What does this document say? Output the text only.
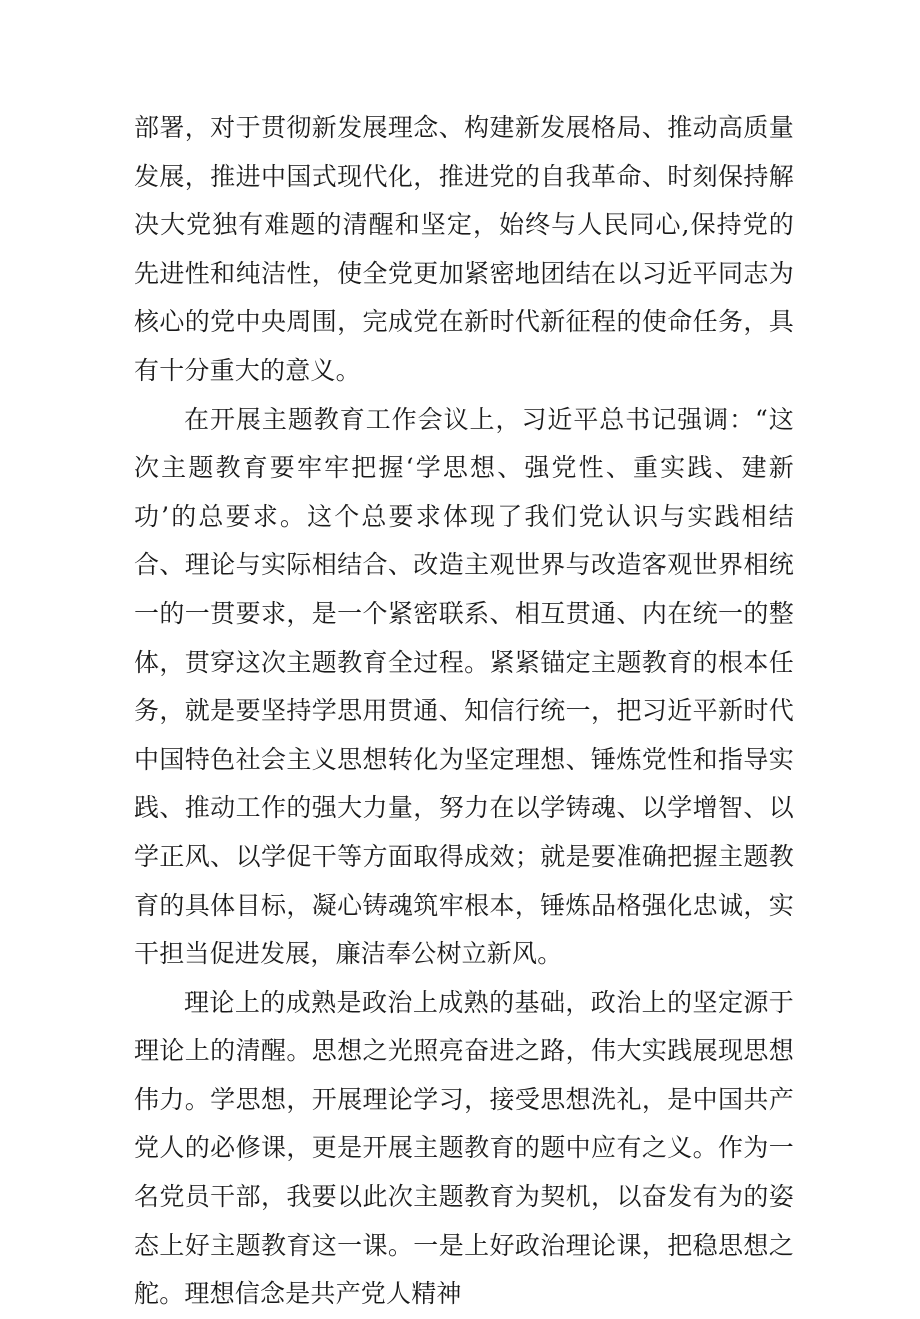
部署，对于贯彻新发展理念、构建新发展格局、推动高质量发展，推进中国式现代化，推进党的自我革命、时刻保持解决大党独有难题的清醒和坚定，始终与人民同心,保持党的先进性和纯洁性，使全党更加紧密地团结在以习近平同志为核心的党中央周围，完成党在新时代新征程的使命任务，具有十分重大的意义。

在开展主题教育工作会议上，习近平总书记强调：“这次主题教育要牢牢把握‘学思想、强党性、重实践、建新功’的总要求。这个总要求体现了我们党认识与实践相结合、理论与实际相结合、改造主观世界与改造客观世界相统一的一贯要求，是一个紧密联系、相互贯通、内在统一的整体，贯穿这次主题教育全过程。紧紧锚定主题教育的根本任务，就是要坚持学思用贯通、知信行统一，把习近平新时代中国特色社会主义思想转化为坚定理想、锤炼党性和指导实践、推动工作的强大力量，努力在以学铸魂、以学增智、以学正风、以学促干等方面取得成效；就是要准确把握主题教育的具体目标，凝心铸魂筑牢根本，锤炼品格强化忠诚，实干担当促进发展，廉洁奉公树立新风。

理论上的成熟是政治上成熟的基础，政治上的坚定源于理论上的清醒。思想之光照亮奋进之路，伟大实践展现思想伟力。学思想，开展理论学习，接受思想洗礼，是中国共产党人的必修课，更是开展主题教育的题中应有之义。作为一名党员干部，我要以此次主题教育为契机，以奋发有为的姿态上好主题教育这一课。一是上好政治理论课，把稳思想之舵。理想信念是共产党人精神
